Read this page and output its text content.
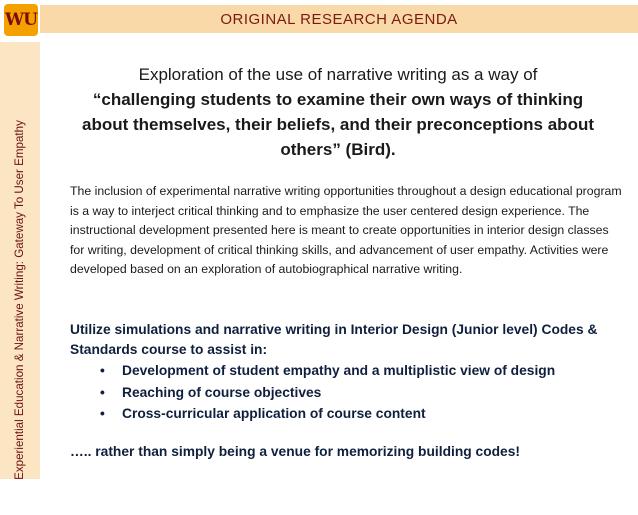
WU	ORIGINAL RESEARCH AGENDA
Experiential Education & Narrative Writing: Gateway To User Empathy
Exploration of the use of narrative writing as a way of
“challenging students to examine their own ways of thinking about themselves, their beliefs, and their preconceptions about others” (Bird).
The inclusion of experimental narrative writing opportunities throughout a design educational program is a way to interject critical thinking and to emphasize the user centered design experience. The instructional development presented here is meant to create opportunities in interior design classes for writing, development of critical thinking skills, and advancement of user empathy. Activities were developed based on an exploration of autobiographical narrative writing.
Utilize simulations and narrative writing in Interior Design (Junior level) Codes & Standards course to assist in:
•	Development of student empathy and a multiplistic view of design
•	Reaching of course objectives
•	Cross-curricular application of course content
….. rather than simply being a venue for memorizing building codes!
